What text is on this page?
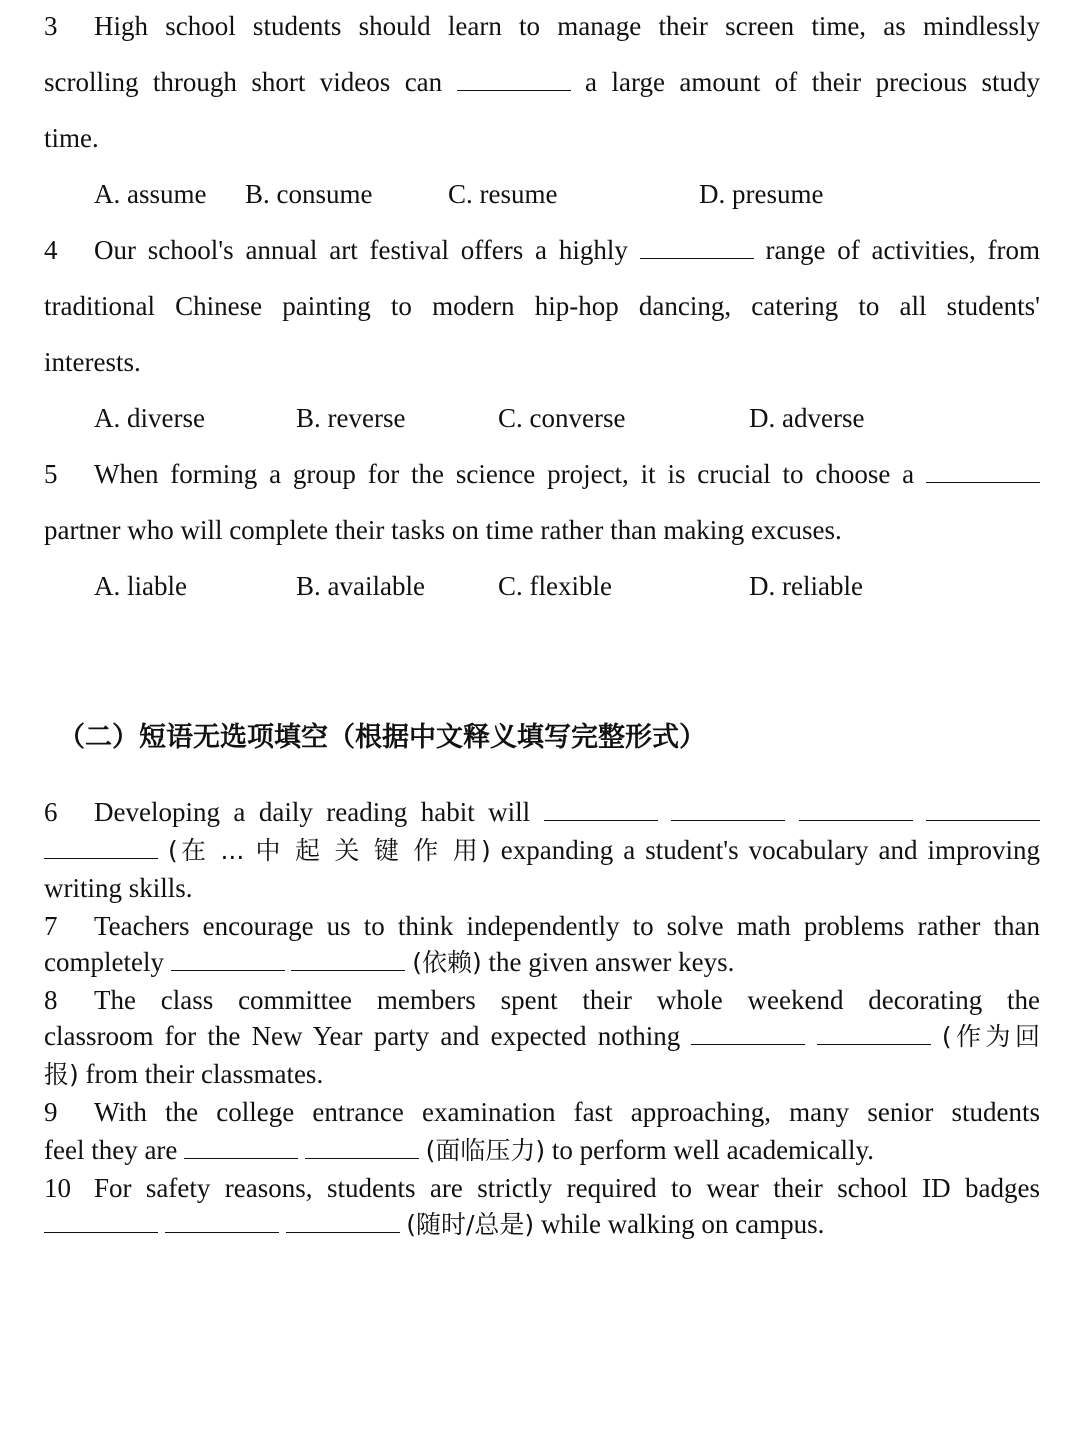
3 High school students should learn to manage their screen time, as mindlessly
scrolling through short videos can	a large amount of their precious study
time.
A. assume B. consume	C. resume	D. presume
4 Our school's annual art festival offers a highly	range of activities, from
traditional Chinese painting to modern hip-hop dancing, catering to all students'
interests.
A. diverse	B. reverse	C. converse	D. adverse
5 When forming a group for the science project, it is crucial to choose a
partner who will complete their tasks on time rather than making excuses.
A. liable	B. available	C. flexible	D. reliable
（二）短语无选项填空（根据中文释义填写完整形式）
6 Developing a daily reading habit will
(在 ... 中 起 关 键 作 用) expanding a student's vocabulary and improving
writing skills.
7 Teachers encourage us to think independently to solve math problems rather than
completely	(依赖) the given answer keys.
8 The class committee members spent their whole weekend decorating the
classroom for the New Year party and expected nothing	(作为回
报) from their classmates.
9 With the college entrance examination fast approaching, many senior students
feel they are	(面临压力) to perform well academically.
10 For safety reasons, students are strictly required to wear their school ID badges
(随时/总是) while walking on campus.
